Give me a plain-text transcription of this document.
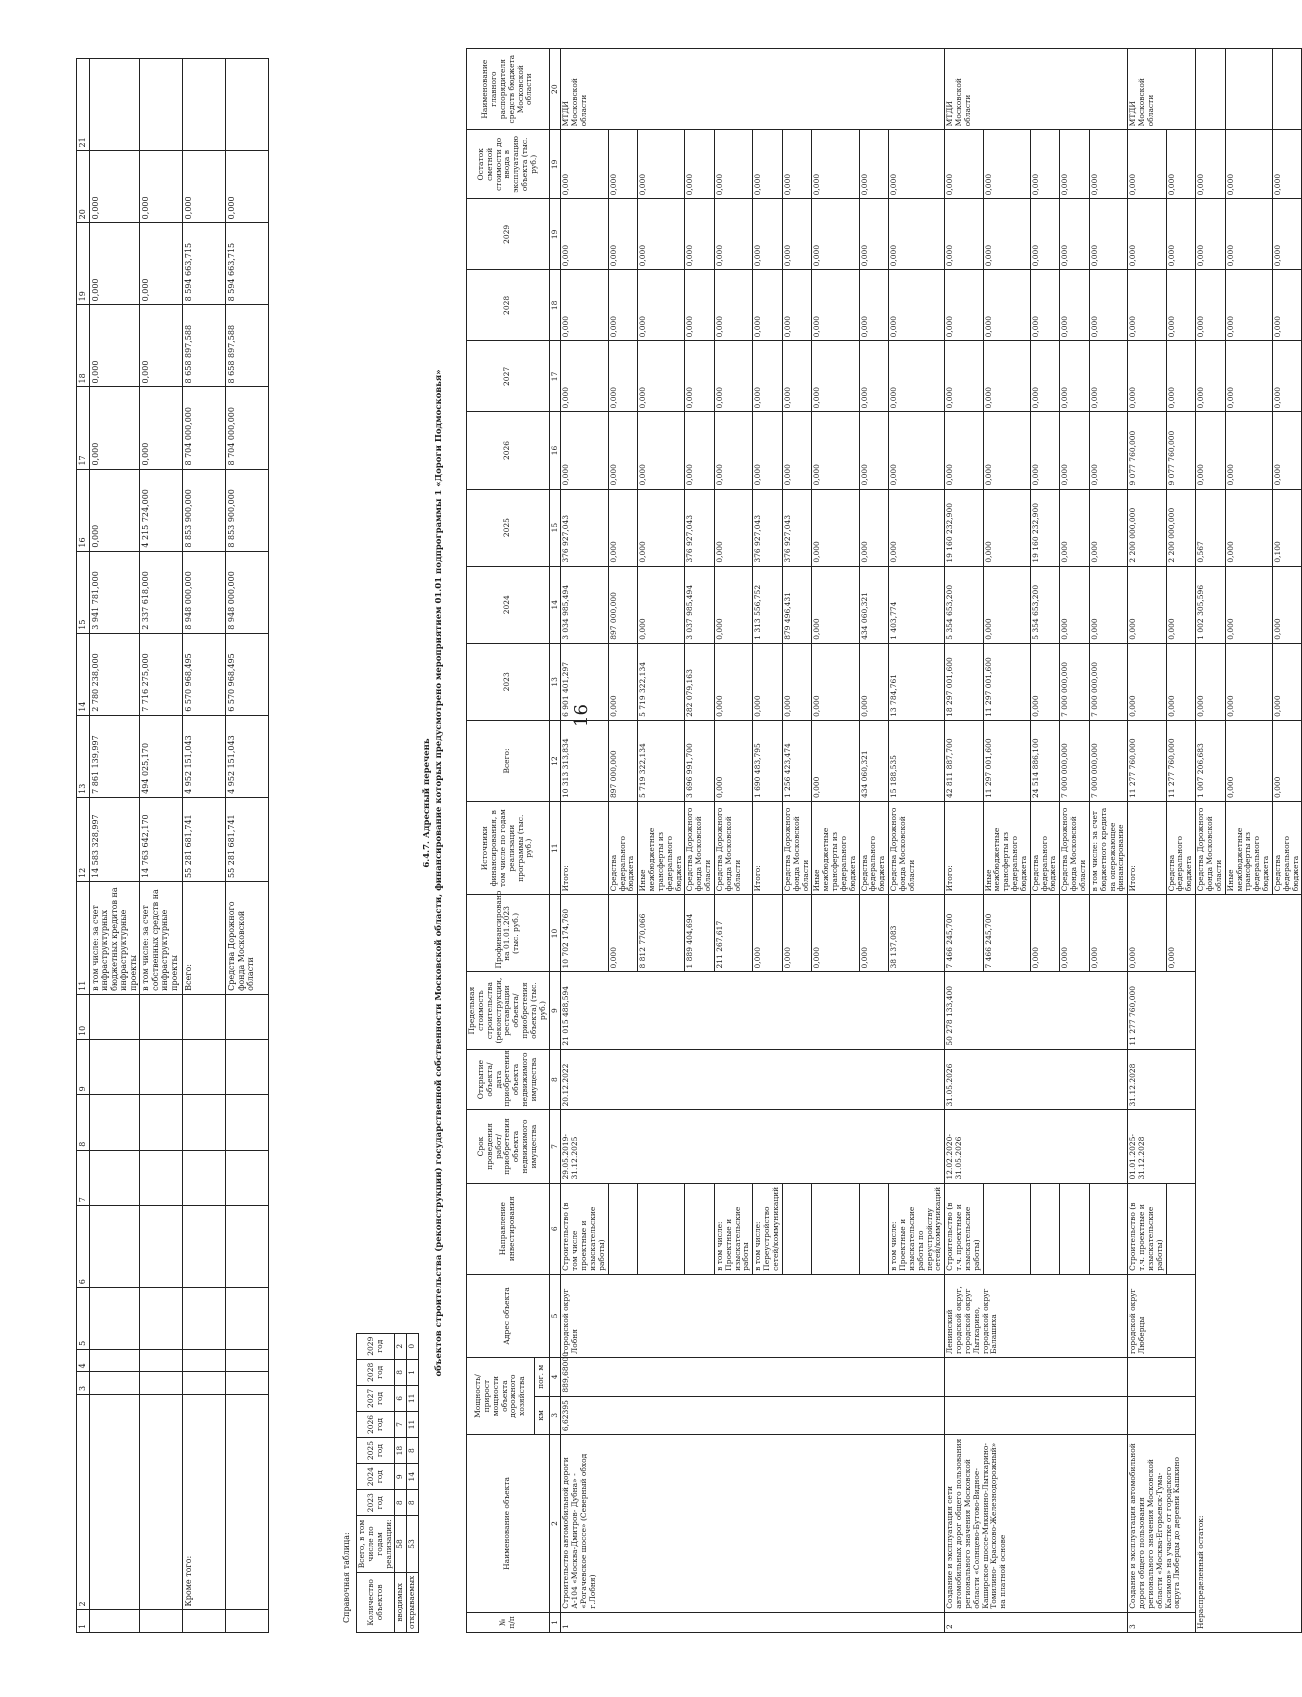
16
1	2	3	4	5	6	7	8	9	10	11	12	13	14	15	16	17	18	19	20	21
										в том числе: за счет инфраструктурных бюджетных кредитов на инфраструктурные проекты	14 583 328,997	7 861 139,997	2 780 238,000	3 941 781,000	0,000	0,000	0,000	0,000	0,000	
										в том числе: за счет собственных средств на инфраструктурные проекты	14 763 642,170	494 025,170	7 716 275,000	2 337 618,000	4 215 724,000	0,000	0,000	0,000	0,000	
	Кроме того:									Всего:	55 281 681,741	4 952 151,043	6 570 968,495	8 948 000,000	8 853 900,000	8 704 000,000	8 658 897,588	8 594 663,715	0,000	
										Средства Дорожного фонда Московской области	55 281 681,741	4 952 151,043	6 570 968,495	8 948 000,000	8 853 900,000	8 704 000,000	8 658 897,588	8 594 663,715	0,000	
Справочная таблица: Количество объектов	Всего, в том числе по годам реализации:	2023 год	2024 год	2025 год	2026 год	2027 год	2028 год	2029 год
вводимых	58	8	9	18	7	6	8	2
открываемых	53	8	14	8	11	11	1	0
6.4.7. Адресный перечень объектов строительства (реконструкции) государственной собственности Московской области, финансирование которых предусмотрено мероприятием 01.01 подпрограммы 1 «Дороги Подмосковья»
№ п/п	Наименование объекта	Мощность/ прирост мощности объекта дорожного хозяйства		Адрес объекта	Направление инвестирования	Срок проведения работ/ приобретения объекта недвижимого имущества	Открытие объекта/ дата приобретения объекта недвижимого имущества	Предельная стоимость строительства (реконструкции, реставрации объекта/ приобретения объекта) (тыс. руб.)	Профинансировано на 01.01.2023 (тыс. руб.)	Источники финансирования, в том числе по годам реализации программы (тыс. руб.)	Всего:	2023	2024	2025	2026	2027	2028	2029	Остаток сметной стоимости до ввода в эксплуатацию объекта (тыс. руб.)	Наименование главного распорядителя средств бюджета Московской области
		км	пог. м																	
1	2	3	4	5	6	7	8	9	10	11	12	13	14	15	16	17	18	19	19	20
1	Строительство автомобильной дороги А-104 «Москва-Дмитров- Дубна» - «Рогачевское шоссе» (Северный обход г.Лобня)	6,62395	889,68000	городской округ Лобня	Строительство (в том числе проектные и изыскательские работы)	29.05.2019- 31.12.2025	20.12.2022	21 015 488,594	10 702 174,760	Итого:	10 313 313,834	6 901 401,297	3 034 985,494	376 927,043	0,000	0,000	0,000	0,000	0,000	МТДИ Московской области
									0,000	Средства федерального бюджета	897 000,000	0,000	897 000,000	0,000	0,000	0,000	0,000	0,000	0,000	
									8 812 770,066	Иные межбюджетные трансферты из федерального бюджета	5 719 322,134	5 719 322,134	0,000	0,000	0,000	0,000	0,000	0,000	0,000	
									1 889 404,694	Средства Дорожного фонда Московской области	3 696 991,700	282 079,163	3 037 985,494	376 927,043	0,000	0,000	0,000	0,000	0,000	
					в том числе: Проектные и изыскательские работы				211 267,617	Средства Дорожного фонда Московской области	0,000	0,000	0,000	0,000	0,000	0,000	0,000	0,000	0,000	
					в том числе: Переустройство сетей/коммуникаций				0,000	Итого:	1 690 483,795	0,000	1 313 556,752	376 927,043	0,000	0,000	0,000	0,000	0,000	
									0,000	Средства Дорожного фонда Московской области	1 256 423,474	0,000	879 496,431	376 927,043	0,000	0,000	0,000	0,000	0,000	
									0,000	Иные межбюджетные трансферты из федерального бюджета	0,000	0,000	0,000	0,000	0,000	0,000	0,000	0,000	0,000	
									0,000	Средства федерального бюджета	434 060,321	0,000	434 060,321	0,000	0,000	0,000	0,000	0,000	0,000	
					в том числе: Проектные и изыскательские работы по переустройству сетей/коммуникаций				38 137,083	Средства Дорожного фонда Московской области	15 188,535	13 784,761	1 403,774	0,000	0,000	0,000	0,000	0,000	0,000	
2	Создание и эксплуатация сети автомобильных дорог общего пользования регионального значения Московской области «Солнцево-Бутово-Видное-Каширское шоссе-Мякинино-Лыткарино-Томилино- Красково-Железнодорожный» на платной основе			Ленинский городской округ, городской округ Лыткарино, городской округ Балашиха	Строительство (в т.ч. проектные и изыскательские работы)	12.02.2020- 31.05.2026	31.05.2026	50 278 133,400	7 466 245,700	Итого:	42 811 887,700	18 297 001,600	5 354 653,200	19 160 232,900	0,000	0,000	0,000	0,000	0,000	МТДИ Московской области
									7 466 245,700	Иные межбюджетные трансферты из федерального бюджета	11 297 001,600	11 297 001,600	0,000	0,000	0,000	0,000	0,000	0,000	0,000	
									0,000	Средства федерального бюджета	24 514 886,100	0,000	5 354 653,200	19 160 232,900	0,000	0,000	0,000	0,000	0,000	
									0,000	Средства Дорожного фонда Московской области	7 000 000,000	7 000 000,000	0,000	0,000	0,000	0,000	0,000	0,000	0,000	
									0,000	в том числе: за счет бюджетного кредита на опережающее финансирование	7 000 000,000	7 000 000,000	0,000	0,000	0,000	0,000	0,000	0,000	0,000	
3	Создание и эксплуатация автомобильной дороги общего пользования регионального значения Московской области «Москва-Егорьевск-Тума-Касимов» на участке от городского округа Люберцы до деревни Кашкино			городской округ Люберцы	Строительство (в т.ч. проектные и изыскательские работы)	01.01.2025- 31.12.2028	31.12.2028	11 277 760,000	0,000	Итого:	11 277 760,000	0,000	0,000	2 200 000,000	9 077 760,000	0,000	0,000	0,000	0,000	МТДИ Московской области
									0,000	Средства федерального бюджета	11 277 760,000	0,000	0,000	2 200 000,000	9 077 760,000	0,000	0,000	0,000	0,000	
Нераспределенный остаток:										Средства Дорожного фонда Московской области	1 007 206,683	0,000	1 002 305,596	0,567	0,000	0,000	0,000	0,000	0,000	
										Иные межбюджетные трансферты из федерального бюджета	0,000	0,000	0,000	0,000	0,000	0,000	0,000	0,000	0,000	
										Средства федерального бюджета	0,000	0,000	0,000	0,100	0,000	0,000	0,000	0,000	0,000	
